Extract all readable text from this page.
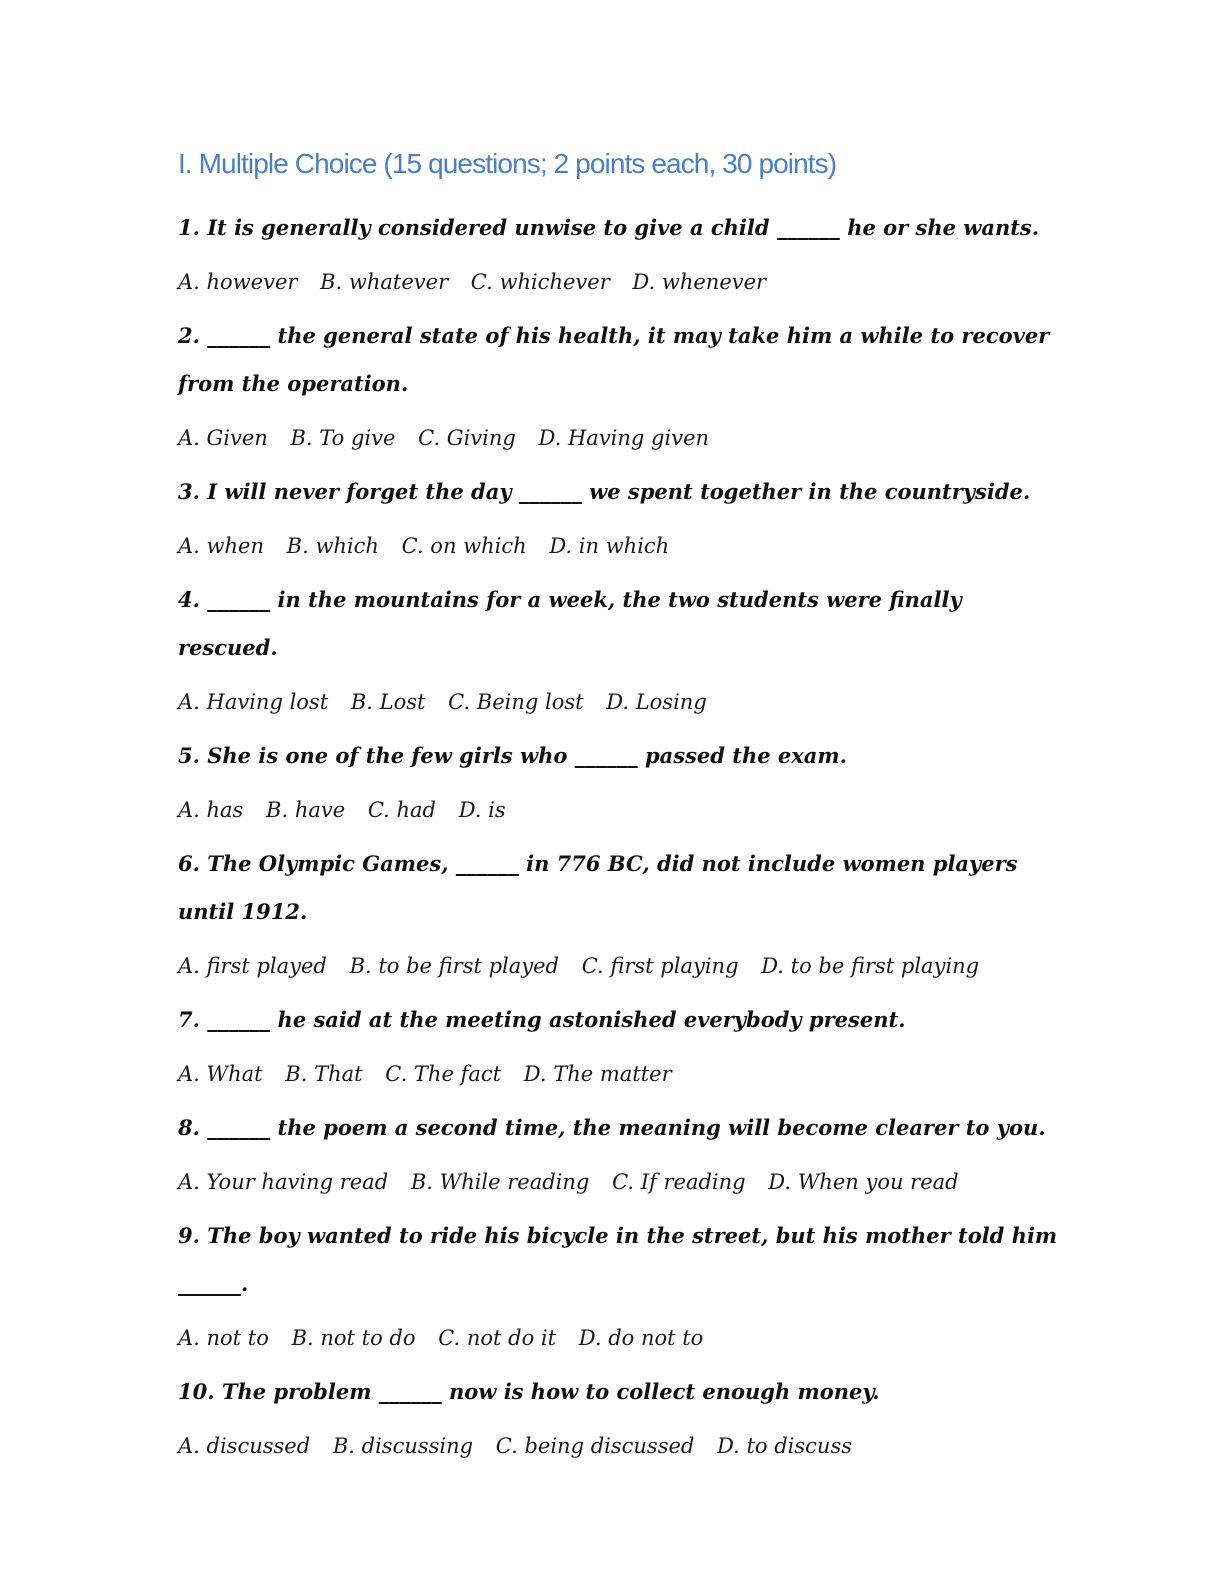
I. Multiple Choice (15 questions; 2 points each, 30 points)

1. It is generally considered unwise to give a child ______ he or she wants.

A. however B. whatever C. whichever D. whenever

2. ______ the general state of his health, it may take him a while to recover from the operation.

A. Given B. To give C. Giving D. Having given

3. I will never forget the day ______ we spent together in the countryside.

A. when B. which C. on which D. in which

4. ______ in the mountains for a week, the two students were finally rescued.

A. Having lost B. Lost C. Being lost D. Losing

5. She is one of the few girls who ______ passed the exam.

A. has B. have C. had D. is

6. The Olympic Games, ______ in 776 BC, did not include women players until 1912.

A. first played B. to be first played C. first playing D. to be first playing

7. ______ he said at the meeting astonished everybody present.

A. What B. That C. The fact D. The matter

8. ______ the poem a second time, the meaning will become clearer to you.

A. Your having read B. While reading C. If reading D. When you read

9. The boy wanted to ride his bicycle in the street, but his mother told him ______.

A. not to B. not to do C. not do it D. do not to

10. The problem ______ now is how to collect enough money.

A. discussed B. discussing C. being discussed D. to discuss
